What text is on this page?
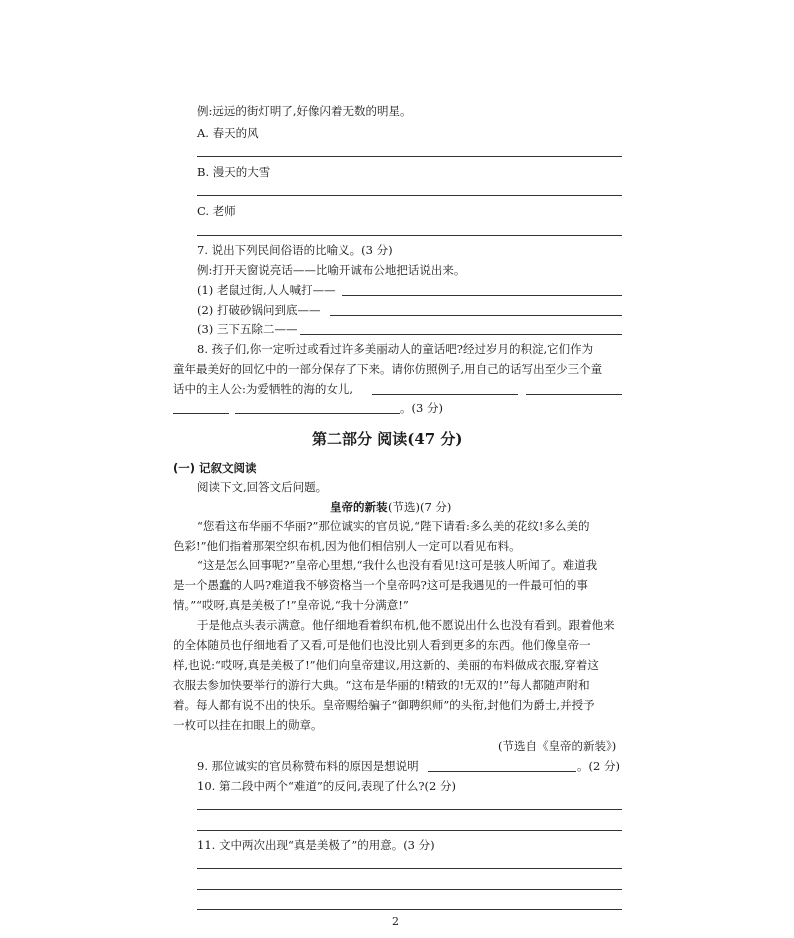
例:远远的街灯明了,好像闪着无数的明星。
A. 春天的风
B. 漫天的大雪
C. 老师
7. 说出下列民间俗语的比喻义。(3 分)
例:打开天窗说亮话——比喻开诚布公地把话说出来。
(1) 老鼠过街,人人喊打——
(2) 打破砂锅问到底——
(3) 三下五除二——
8. 孩子们,你一定听过或看过许多美丽动人的童话吧?经过岁月的积淀,它们作为
童年最美好的回忆中的一部分保存了下来。请你仿照例子,用自己的话写出至少三个童
话中的主人公:为爱牺牲的海的女儿,
。(3 分)
第二部分 阅读(47 分)
(一) 记叙文阅读
阅读下文,回答文后问题。
皇帝的新装 (节选)(7 分)
“您看这布华丽不华丽?”那位诚实的官员说,“陛下请看:多么美的花纹!多么美的
色彩!”他们指着那架空织布机,因为他们相信别人一定可以看见布料。
“这是怎么回事呢?”皇帝心里想,“我什么也没有看见!这可是骇人听闻了。难道我
是一个愚蠢的人吗?难道我不够资格当一个皇帝吗?这可是我遇见的一件最可怕的事
情。”“哎呀,真是美极了!”皇帝说,“我十分满意!”
于是他点头表示满意。他仔细地看着织布机,他不愿说出什么也没有看到。跟着他来
的全体随员也仔细地看了又看,可是他们也没比别人看到更多的东西。他们像皇帝一
样,也说:“哎呀,真是美极了!”他们向皇帝建议,用这新的、美丽的布料做成衣服,穿着这
衣服去参加快要举行的游行大典。“这布是华丽的!精致的!无双的!”每人都随声附和
着。每人都有说不出的快乐。皇帝赐给骗子“御聘织师”的头衔,封他们为爵士,并授予
一枚可以挂在扣眼上的勋章。
(节选自《皇帝的新装》)
9. 那位诚实的官员称赞布料的原因是想说明	。(2 分)
10. 第二段中两个“难道”的反问,表现了什么?(2 分)
11. 文中两次出现“真是美极了”的用意。(3 分)
2
